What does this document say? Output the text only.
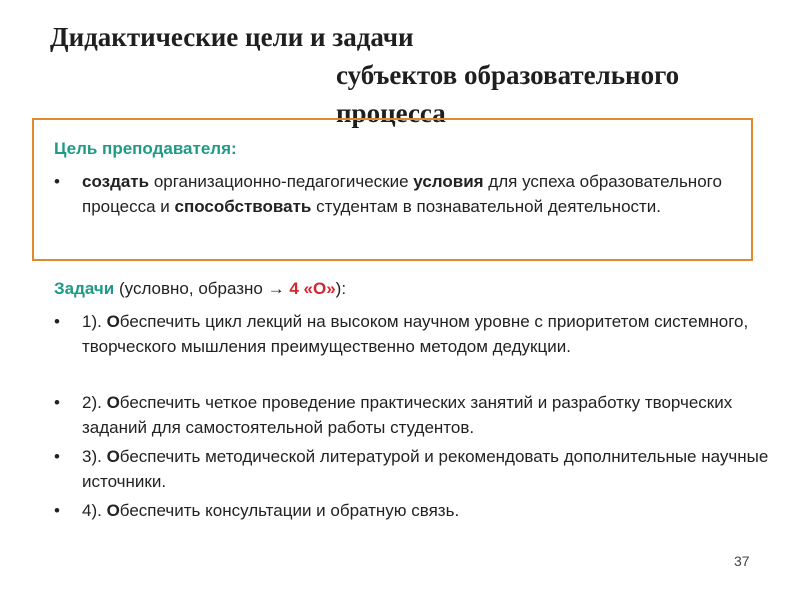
Дидактические цели и задачи
субъектов образовательного
процесса
Цель преподавателя:
• создать организационно-педагогические условия для успеха образовательного процесса и способствовать студентам в познавательной деятельности.
Задачи (условно, образно → 4 «О»):
• 1). Обеспечить цикл лекций на высоком научном уровне с приоритетом системного, творческого мышления преимущественно методом дедукции.
• 2). Обеспечить четкое проведение практических занятий и разработку творческих заданий для самостоятельной работы студентов.
• 3). Обеспечить методической литературой и рекомендовать дополнительные научные источники.
• 4). Обеспечить консультации и обратную связь.
37
